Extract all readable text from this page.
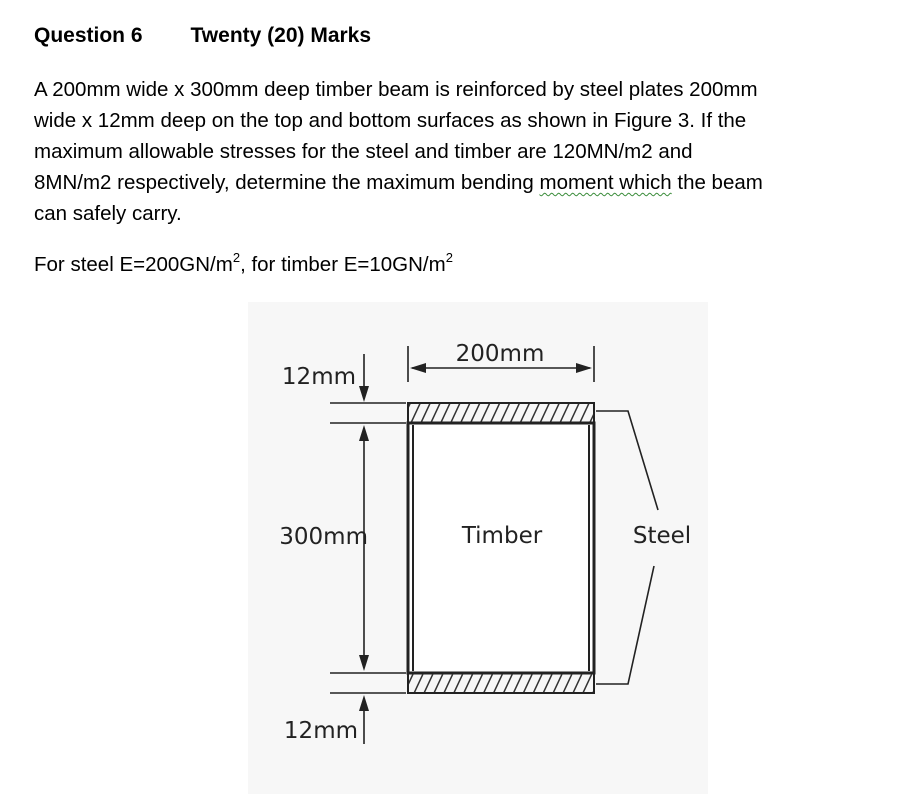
Question 6 Twenty (20) Marks
A 200mm wide x 300mm deep timber beam is reinforced by steel plates 200mm
wide x 12mm deep on the top and bottom surfaces as shown in Figure 3. If the
maximum allowable stresses for the steel and timber are 120MN/m2 and
8MN/m2 respectively, determine the maximum bending moment which the beam
can safely carry.
For steel $E=200GN/m^2$, for timber $E=10GN/m^2$
200mm
12mm
300mm
12mm
Timber	Steel
